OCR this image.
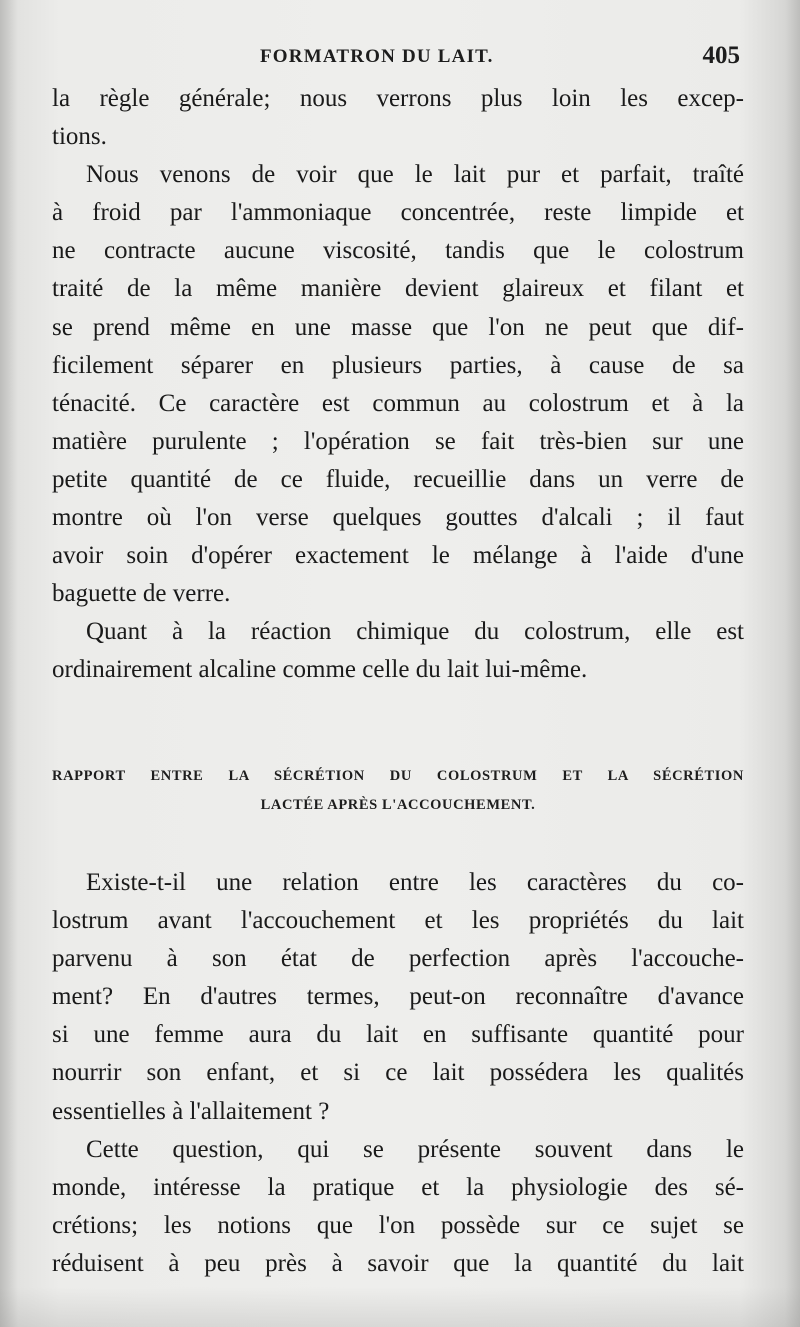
FORMATRON DU LAIT.	405
la règle générale; nous verrons plus loin les excep-
tions.
Nous venons de voir que le lait pur et parfait, traîté
à froid par l'ammoniaque concentrée, reste limpide et
ne contracte aucune viscosité, tandis que le colostrum
traité de la même manière devient glaireux et filant et
se prend même en une masse que l'on ne peut que dif-
ficilement séparer en plusieurs parties, à cause de sa
ténacité. Ce caractère est commun au colostrum et à la
matière purulente ; l'opération se fait très-bien sur une
petite quantité de ce fluide, recueillie dans un verre de
montre où l'on verse quelques gouttes d'alcali ; il faut
avoir soin d'opérer exactement le mélange à l'aide d'une
baguette de verre.
Quant à la réaction chimique du colostrum, elle est
ordinairement alcaline comme celle du lait lui-même.
RAPPORT ENTRE LA SÉCRÉTION DU COLOSTRUM ET LA SÉCRÉTION
LACTÉE APRÈS L'ACCOUCHEMENT.
Existe-t-il une relation entre les caractères du co-
lostrum avant l'accouchement et les propriétés du lait
parvenu à son état de perfection après l'accouche-
ment? En d'autres termes, peut-on reconnaître d'avance
si une femme aura du lait en suffisante quantité pour
nourrir son enfant, et si ce lait possédera les qualités
essentielles à l'allaitement ?
Cette question, qui se présente souvent dans le
monde, intéresse la pratique et la physiologie des sé-
crétions; les notions que l'on possède sur ce sujet se
réduisent à peu près à savoir que la quantité du lait
